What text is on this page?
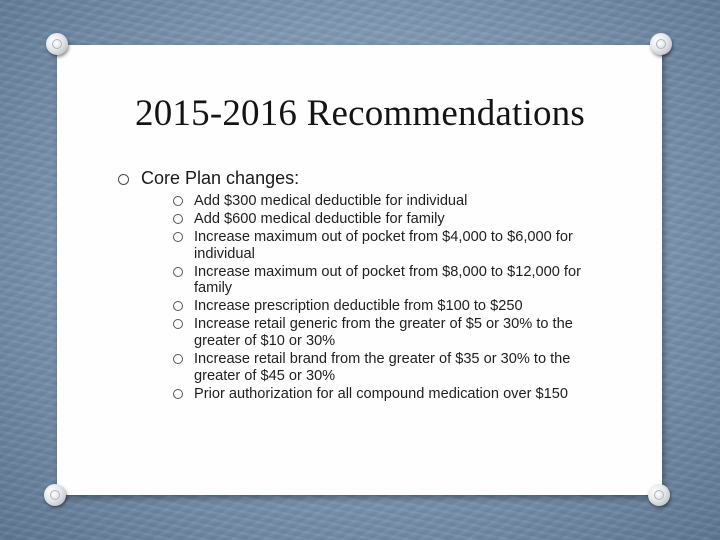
2015-2016 Recommendations
Core Plan changes:
Add $300 medical deductible for individual
Add $600 medical deductible for family
Increase maximum out of pocket from $4,000 to $6,000 for individual
Increase maximum out of pocket from $8,000 to $12,000 for family
Increase prescription deductible from $100 to $250
Increase retail generic from the greater of $5 or 30% to the greater of $10 or 30%
Increase retail brand from the greater of $35 or 30% to the greater of $45 or 30%
Prior authorization for all compound medication over $150
